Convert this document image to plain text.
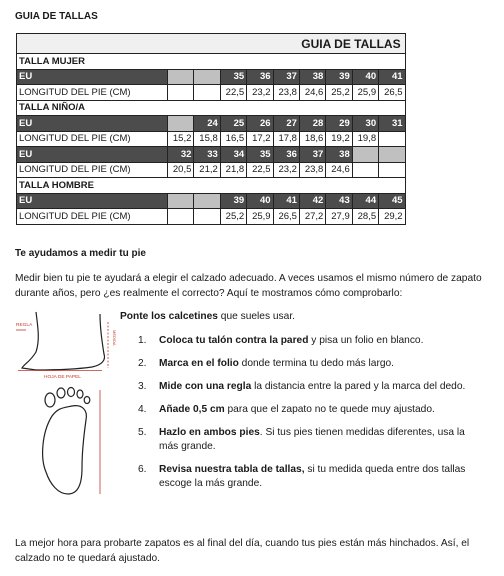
GUIA DE TALLAS
GUIA DE TALLAS									
TALLA MUJER									
EU			35	36	37	38	39	40	41
LONGITUD DEL PIE (CM)			22,5	23,2	23,8	24,6	25,2	25,9	26,5
TALLA NIÑO/A									
EU		24	25	26	27	28	29	30	31
LONGITUD DEL PIE (CM)	15,2	15,8	16,5	17,2	17,8	18,6	19,2	19,8	
EU	32	33	34	35	36	37	38		
LONGITUD DEL PIE (CM)	20,5	21,2	21,8	22,5	23,2	23,8	24,6		
TALLA HOMBRE									
EU			39	40	41	42	43	44	45
LONGITUD DEL PIE (CM)			25,2	25,9	26,5	27,2	27,9	28,5	29,2
Te ayudamos a medir tu pie
Medir bien tu pie te ayudará a elegir el calzado adecuado. A veces usamos el mismo número de zapato durante años, pero ¿es realmente el correcto? Aquí te mostramos cómo comprobarlo:
REGLA
MEDIDA
HOJA DE PAPEL
Ponte los calcetines que sueles usar.
1. Coloca tu talón contra la pared y pisa un folio en blanco.
2. Marca en el folio donde termina tu dedo más largo.
3. Mide con una regla la distancia entre la pared y la marca del dedo.
4. Añade 0,5 cm para que el zapato no te quede muy ajustado.
5. Hazlo en ambos pies. Si tus pies tienen medidas diferentes, usa la más grande.
6. Revisa nuestra tabla de tallas, si tu medida queda entre dos tallas escoge la más grande.
La mejor hora para probarte zapatos es al final del día, cuando tus pies están más hinchados. Así, el calzado no te quedará ajustado.
